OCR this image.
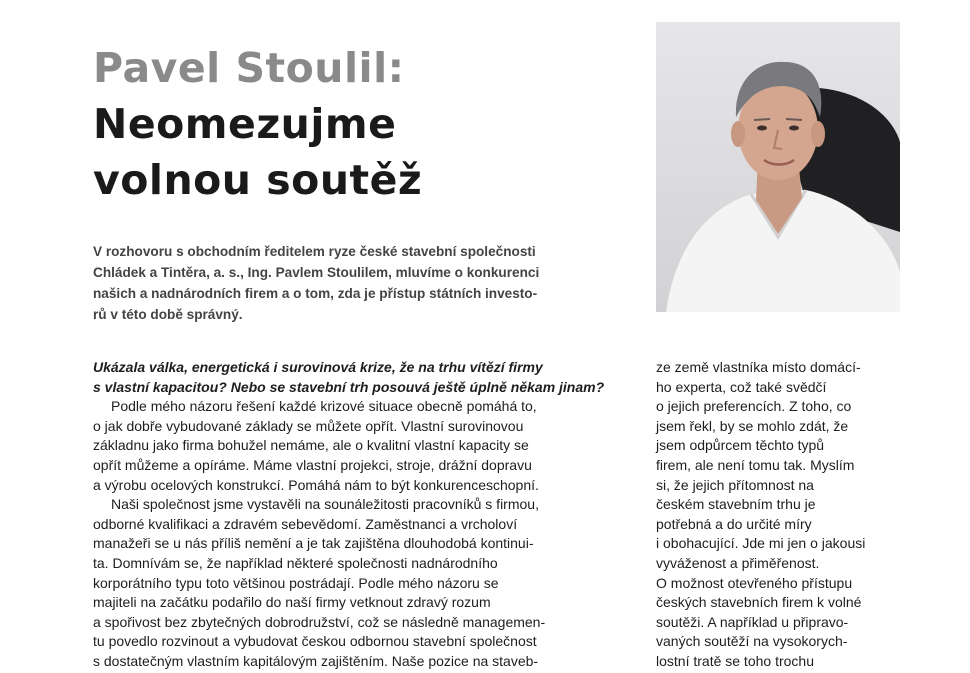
Pavel Stoulil:
Neomezujme
volnou soutěž
V rozhovoru s obchodním ředitelem ryze české stavební společnosti
Chládek a Tintěra, a. s., Ing. Pavlem Stoulilem, mluvíme o konkurenci
našich a nadnárodních firem a o tom, zda je přístup státních investo-
rů v této době správný.
Ukázala válka, energetická i surovinová krize, že na trhu vítězí firmy
s vlastní kapacitou? Nebo se stavební trh posouvá ještě úplně někam jinam?
Podle mého názoru řešení každé krizové situace obecně pomáhá to,
o jak dobře vybudované základy se můžete opřít. Vlastní surovinovou
základnu jako firma bohužel nemáme, ale o kvalitní vlastní kapacity se
opřít můžeme a opíráme. Máme vlastní projekci, stroje, drážní dopravu
a výrobu ocelových konstrukcí. Pomáhá nám to být konkurenceschopní.
Naši společnost jsme vystavěli na sounáležitosti pracovníků s firmou,
odborné kvalifikaci a zdravém sebevědomí. Zaměstnanci a vrcholoví
manažeři se u nás příliš nemění a je tak zajištěna dlouhodobá kontinui-
ta. Domnívám se, že například některé společnosti nadnárodního
korporátního typu toto většinou postrádají. Podle mého názoru se
majiteli na začátku podařilo do naší firmy vetknout zdravý rozum
a spořivost bez zbytečných dobrodružství, což se následně managemen-
tu povedlo rozvinout a vybudovat českou odbornou stavební společnost
s dostatečným vlastním kapitálovým zajištěním. Naše pozice na staveb-
ze země vlastníka místo domácí-
ho experta, což také svědčí
o jejich preferencích. Z toho, co
jsem řekl, by se mohlo zdát, že
jsem odpůrcem těchto typů
firem, ale není tomu tak. Myslím
si, že jejich přítomnost na
českém stavebním trhu je
potřebná a do určité míry
i obohacující. Jde mi jen o jakousi
vyváženost a přiměřenost.
O možnost otevřeného přístupu
českých stavebních firem k volné
soutěži. A například u připravo-
vaných soutěží na vysokorych-
lostní tratě se toho trochu
